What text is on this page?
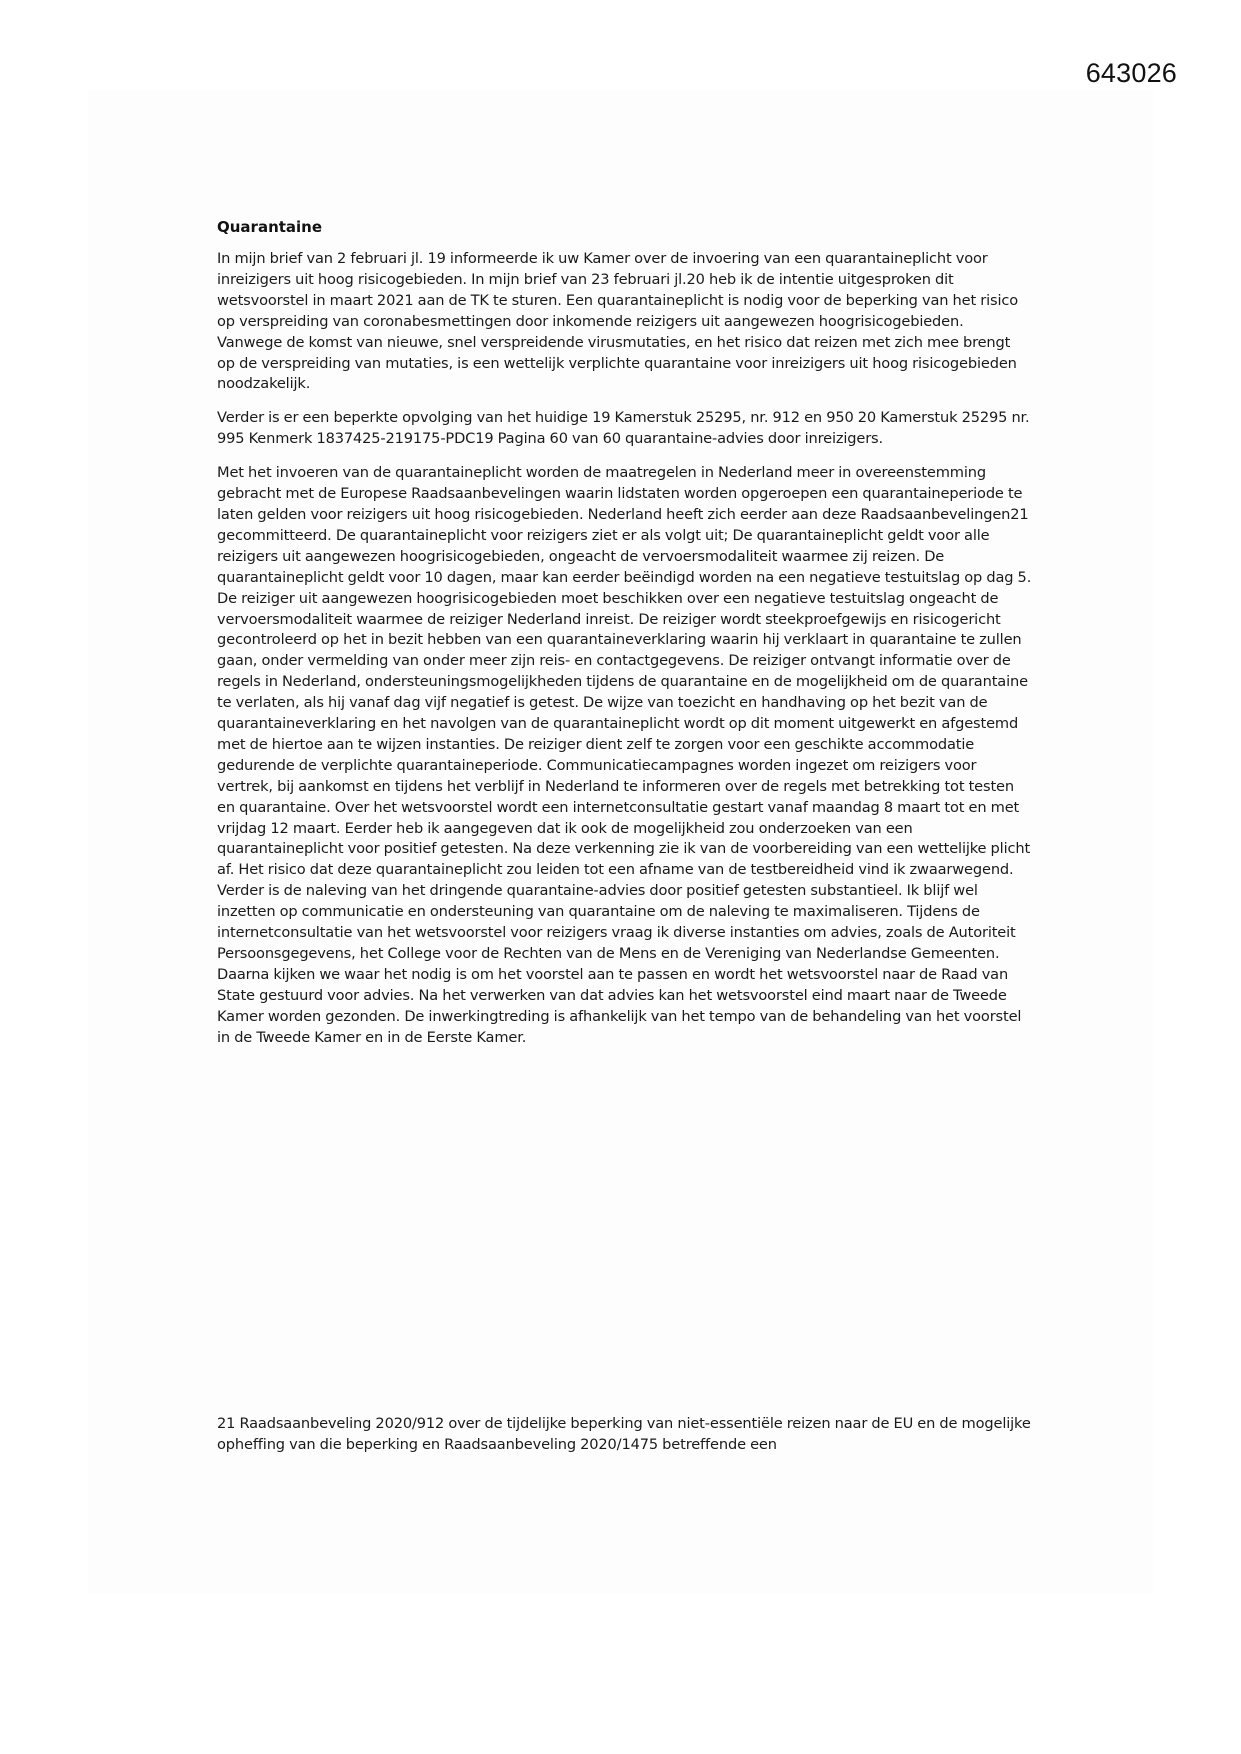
643026
Quarantaine

In mijn brief van 2 februari jl. 19 informeerde ik uw Kamer over de invoering van een quarantaineplicht voor inreizigers uit hoog risicogebieden. In mijn brief van 23 februari jl.20 heb ik de intentie uitgesproken dit wetsvoorstel in maart 2021 aan de TK te sturen. Een quarantaineplicht is nodig voor de beperking van het risico op verspreiding van coronabesmettingen door inkomende reizigers uit aangewezen hoogrisicogebieden. Vanwege de komst van nieuwe, snel verspreidende virusmutaties, en het risico dat reizen met zich mee brengt op de verspreiding van mutaties, is een wettelijk verplichte quarantaine voor inreizigers uit hoog risicogebieden noodzakelijk.

Verder is er een beperkte opvolging van het huidige 19 Kamerstuk 25295, nr. 912 en 950 20 Kamerstuk 25295 nr. 995 Kenmerk 1837425-219175-PDC19 Pagina 60 van 60 quarantaine-advies door inreizigers.

Met het invoeren van de quarantaineplicht worden de maatregelen in Nederland meer in overeenstemming gebracht met de Europese Raadsaanbevelingen waarin lidstaten worden opgeroepen een quarantaineperiode te laten gelden voor reizigers uit hoog risicogebieden. Nederland heeft zich eerder aan deze Raadsaanbevelingen21 gecommitteerd. De quarantaineplicht voor reizigers ziet er als volgt uit; De quarantaineplicht geldt voor alle reizigers uit aangewezen hoogrisicogebieden, ongeacht de vervoersmodaliteit waarmee zij reizen. De quarantaineplicht geldt voor 10 dagen, maar kan eerder beëindigd worden na een negatieve testuitslag op dag 5. De reiziger uit aangewezen hoogrisicogebieden moet beschikken over een negatieve testuitslag ongeacht de vervoersmodaliteit waarmee de reiziger Nederland inreist. De reiziger wordt steekproefgewijs en risicogericht gecontroleerd op het in bezit hebben van een quarantaineverklaring waarin hij verklaart in quarantaine te zullen gaan, onder vermelding van onder meer zijn reis- en contactgegevens. De reiziger ontvangt informatie over de regels in Nederland, ondersteuningsmogelijkheden tijdens de quarantaine en de mogelijkheid om de quarantaine te verlaten, als hij vanaf dag vijf negatief is getest. De wijze van toezicht en handhaving op het bezit van de quarantaineverklaring en het navolgen van de quarantaineplicht wordt op dit moment uitgewerkt en afgestemd met de hiertoe aan te wijzen instanties. De reiziger dient zelf te zorgen voor een geschikte accommodatie gedurende de verplichte quarantaineperiode. Communicatiecampagnes worden ingezet om reizigers voor vertrek, bij aankomst en tijdens het verblijf in Nederland te informeren over de regels met betrekking tot testen en quarantaine. Over het wetsvoorstel wordt een internetconsultatie gestart vanaf maandag 8 maart tot en met vrijdag 12 maart. Eerder heb ik aangegeven dat ik ook de mogelijkheid zou onderzoeken van een quarantaineplicht voor positief getesten. Na deze verkenning zie ik van de voorbereiding van een wettelijke plicht af. Het risico dat deze quarantaineplicht zou leiden tot een afname van de testbereidheid vind ik zwaarwegend. Verder is de naleving van het dringende quarantaine-advies door positief getesten substantieel. Ik blijf wel inzetten op communicatie en ondersteuning van quarantaine om de naleving te maximaliseren. Tijdens de internetconsultatie van het wetsvoorstel voor reizigers vraag ik diverse instanties om advies, zoals de Autoriteit Persoonsgegevens, het College voor de Rechten van de Mens en de Vereniging van Nederlandse Gemeenten. Daarna kijken we waar het nodig is om het voorstel aan te passen en wordt het wetsvoorstel naar de Raad van State gestuurd voor advies. Na het verwerken van dat advies kan het wetsvoorstel eind maart naar de Tweede Kamer worden gezonden. De inwerkingtreding is afhankelijk van het tempo van de behandeling van het voorstel in de Tweede Kamer en in de Eerste Kamer.

21 Raadsaanbeveling 2020/912 over de tijdelijke beperking van niet-essentiële reizen naar de EU en de mogelijke opheffing van die beperking en Raadsaanbeveling 2020/1475 betreffende een
